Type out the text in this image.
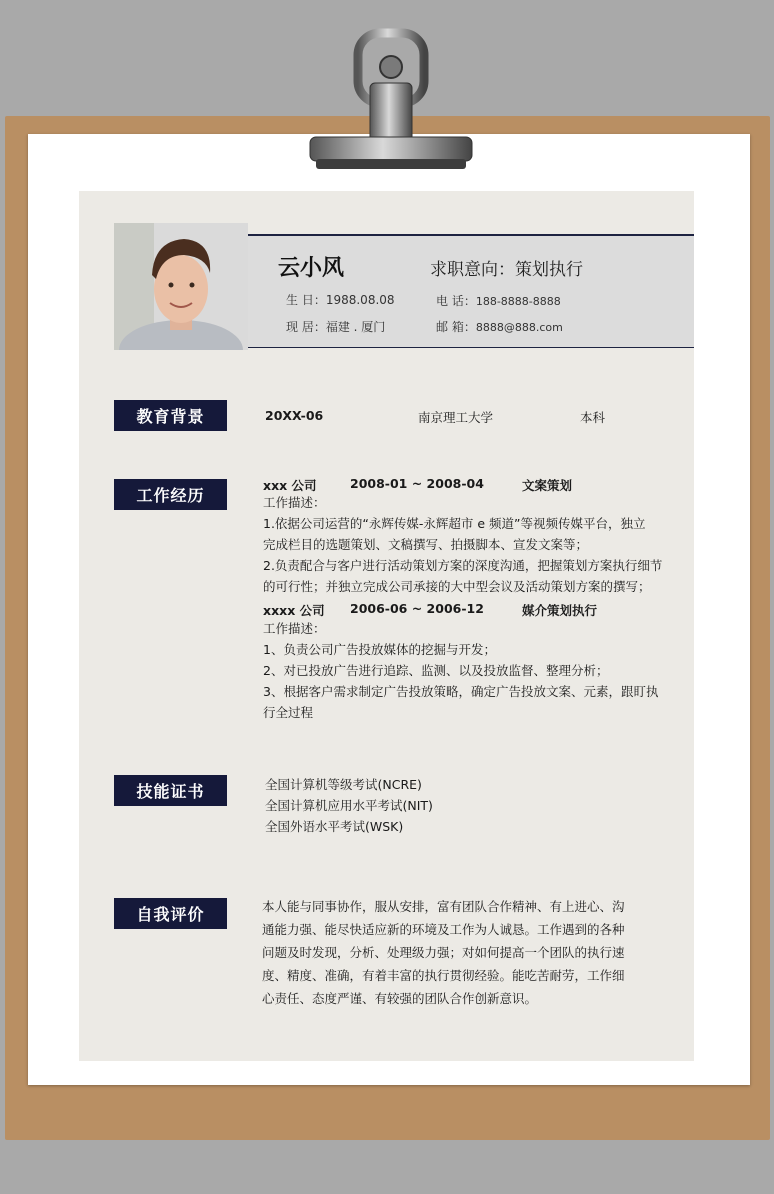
云小风	求职意向：策划执行
生 日：1988.08.08	电 话：188-8888-8888
现 居：福建 . 厦门	邮 箱：8888@888.com
教育背景	20XX-06	南京理工大学	本科
工作经历
xxx 公司	2008-01 ~ 2008-04	文案策划
工作描述：
1.依据公司运营的“永辉传媒-永辉超市 e 频道”等视频传媒平台，独立
完成栏目的选题策划、文稿撰写、拍摄脚本、宣发文案等；
2.负责配合与客户进行活动策划方案的深度沟通，把握策划方案执行细节
的可行性；并独立完成公司承接的大中型会议及活动策划方案的撰写；
xxxx 公司 2006-06 ~ 2006-12	媒介策划执行
工作描述：
1、负责公司广告投放媒体的挖掘与开发；
2、对已投放广告进行追踪、监测、以及投放监督、整理分析；
3、根据客户需求制定广告投放策略，确定广告投放文案、元素，跟盯执
行全过程
技能证书	全国计算机等级考试(NCRE)
全国计算机应用水平考试(NIT)
全国外语水平考试(WSK)
自我评价	本人能与同事协作，服从安排，富有团队合作精神、有上进心、沟
通能力强、能尽快适应新的环境及工作为人诚恳。工作遇到的各种
问题及时发现，分析、处理级力强；对如何提高一个团队的执行速
度、精度、准确，有着丰富的执行贯彻经验。能吃苦耐劳，工作细
心责任、态度严谨、有较强的团队合作创新意识。
